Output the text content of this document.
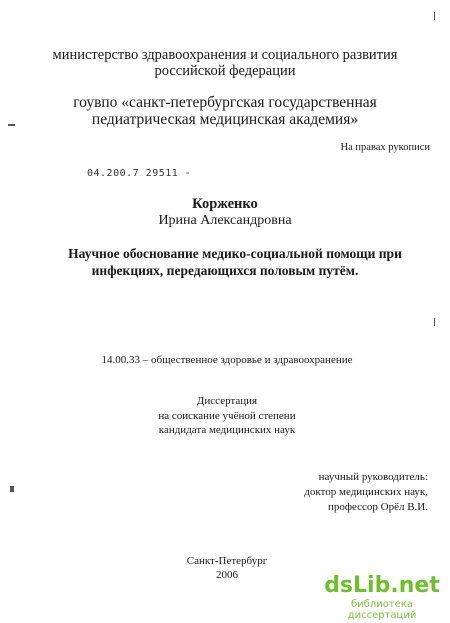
министерство здравоохранения и социального развития
российской федерации
гоувпо «санкт-петербургская государственная
педиатрическая медицинская академия»
На правах рукописи
04.200.7 29511 -
Корженко
Ирина Александровна
Научное обоснование медико-социальной помощи при
инфекциях, передающихся половым путём.
14.00.33 – общественное здоровье и здравоохранение
Диссертация
на соискание учёной степени
кандидата медицинских наук
научный руководитель:
доктор медицинских наук,
профессор Орёл В.И.
Санкт-Петербург
2006	dsLib.net
библиотека диссертаций
